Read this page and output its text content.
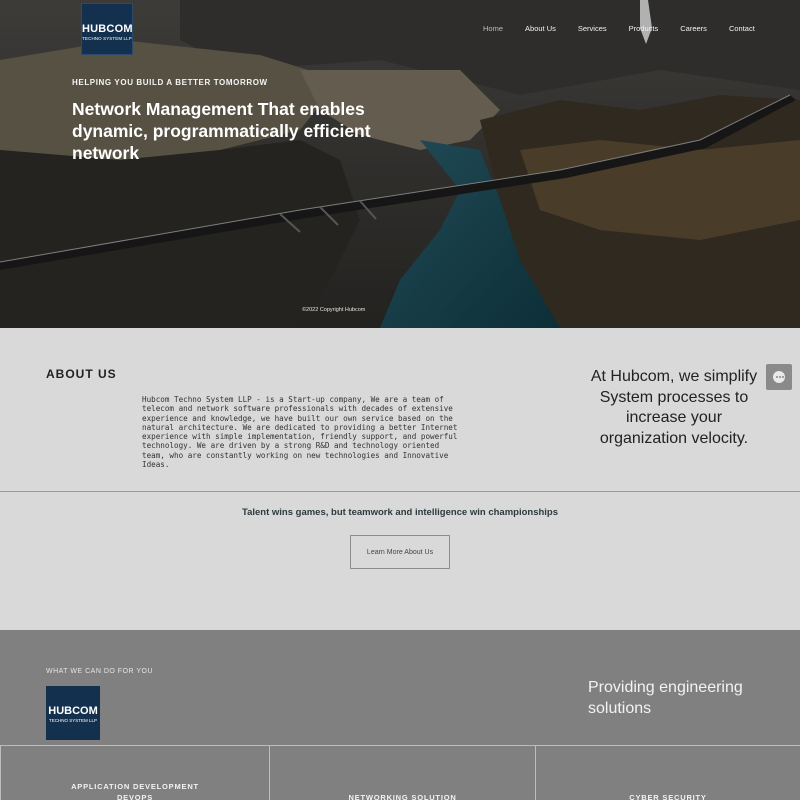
HUBCOM
TECHNO SYSTEM LLP
Home	About Us	Services	Products	Careers	Contact
HELPING YOU BUILD A BETTER TOMORROW
Network Management That enables dynamic, programmatically efficient network
©2022 Copyright Hubcom
ABOUT US

Hubcom Techno System LLP - is a Start-up company, We are a team of telecom and network software professionals with decades of extensive experience and knowledge, we have built our own service based on the natural architecture. We are dedicated to providing a better Internet experience with simple implementation, friendly support, and powerful technology. We are driven by a strong R&D and technology oriented team, who are constantly working on new technologies and Innovative Ideas.

At Hubcom, we simplify System processes to increase your organization velocity.

Talent wins games, but teamwork and intelligence win championships

Learn More About Us
WHAT WE CAN DO FOR YOU
HUBCOM
TECHNO SYSTEM LLP

Providing engineering solutions

APPLICATION DEVELOPMENT
DEVOPS	NETWORKING SOLUTION	CYBER SECURITY
